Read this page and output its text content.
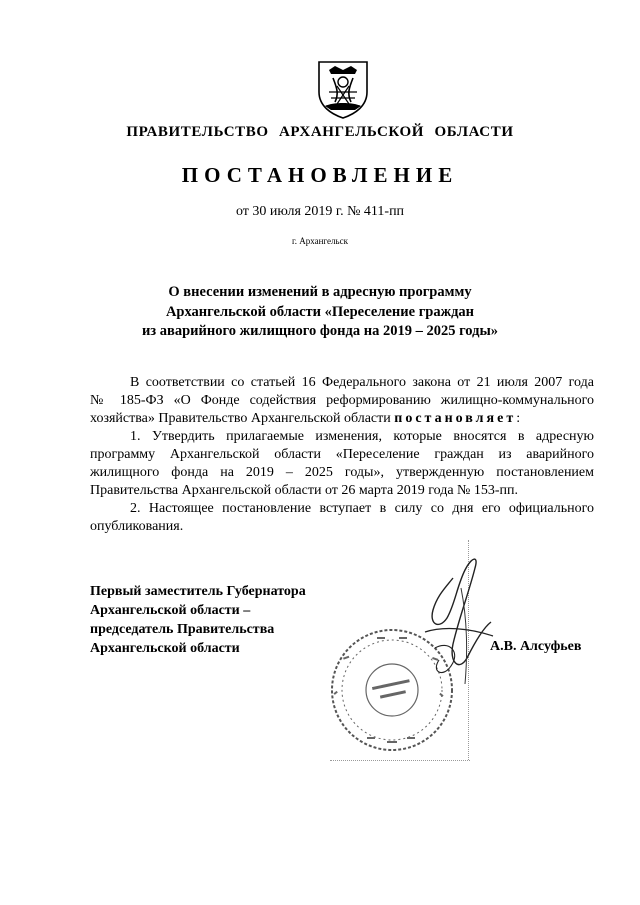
ПРАВИТЕЛЬСТВО АРХАНГЕЛЬСКОЙ ОБЛАСТИ
ПОСТАНОВЛЕНИЕ
от 30 июля 2019 г. № 411-пп
г. Архангельск
О внесении изменений в адресную программу
Архангельской области «Переселение граждан
из аварийного жилищного фонда на 2019 – 2025 годы»
В соответствии со статьей 16 Федерального закона от 21 июля 2007 года
№ 185-ФЗ «О Фонде содействия реформированию жилищно-коммунального
хозяйства» Правительство Архангельской области постановляет:
1. Утвердить прилагаемые изменения, которые вносятся в адресную
программу Архангельской области «Переселение граждан из аварийного
жилищного фонда на 2019 – 2025 годы», утвержденную постановлением
Правительства Архангельской области от 26 марта 2019 года № 153-пп.
2. Настоящее постановление вступает в силу со дня его официального
опубликования.
Первый заместитель Губернатора
Архангельской области –
председатель Правительства
Архангельской области	А.В. Алсуфьев
